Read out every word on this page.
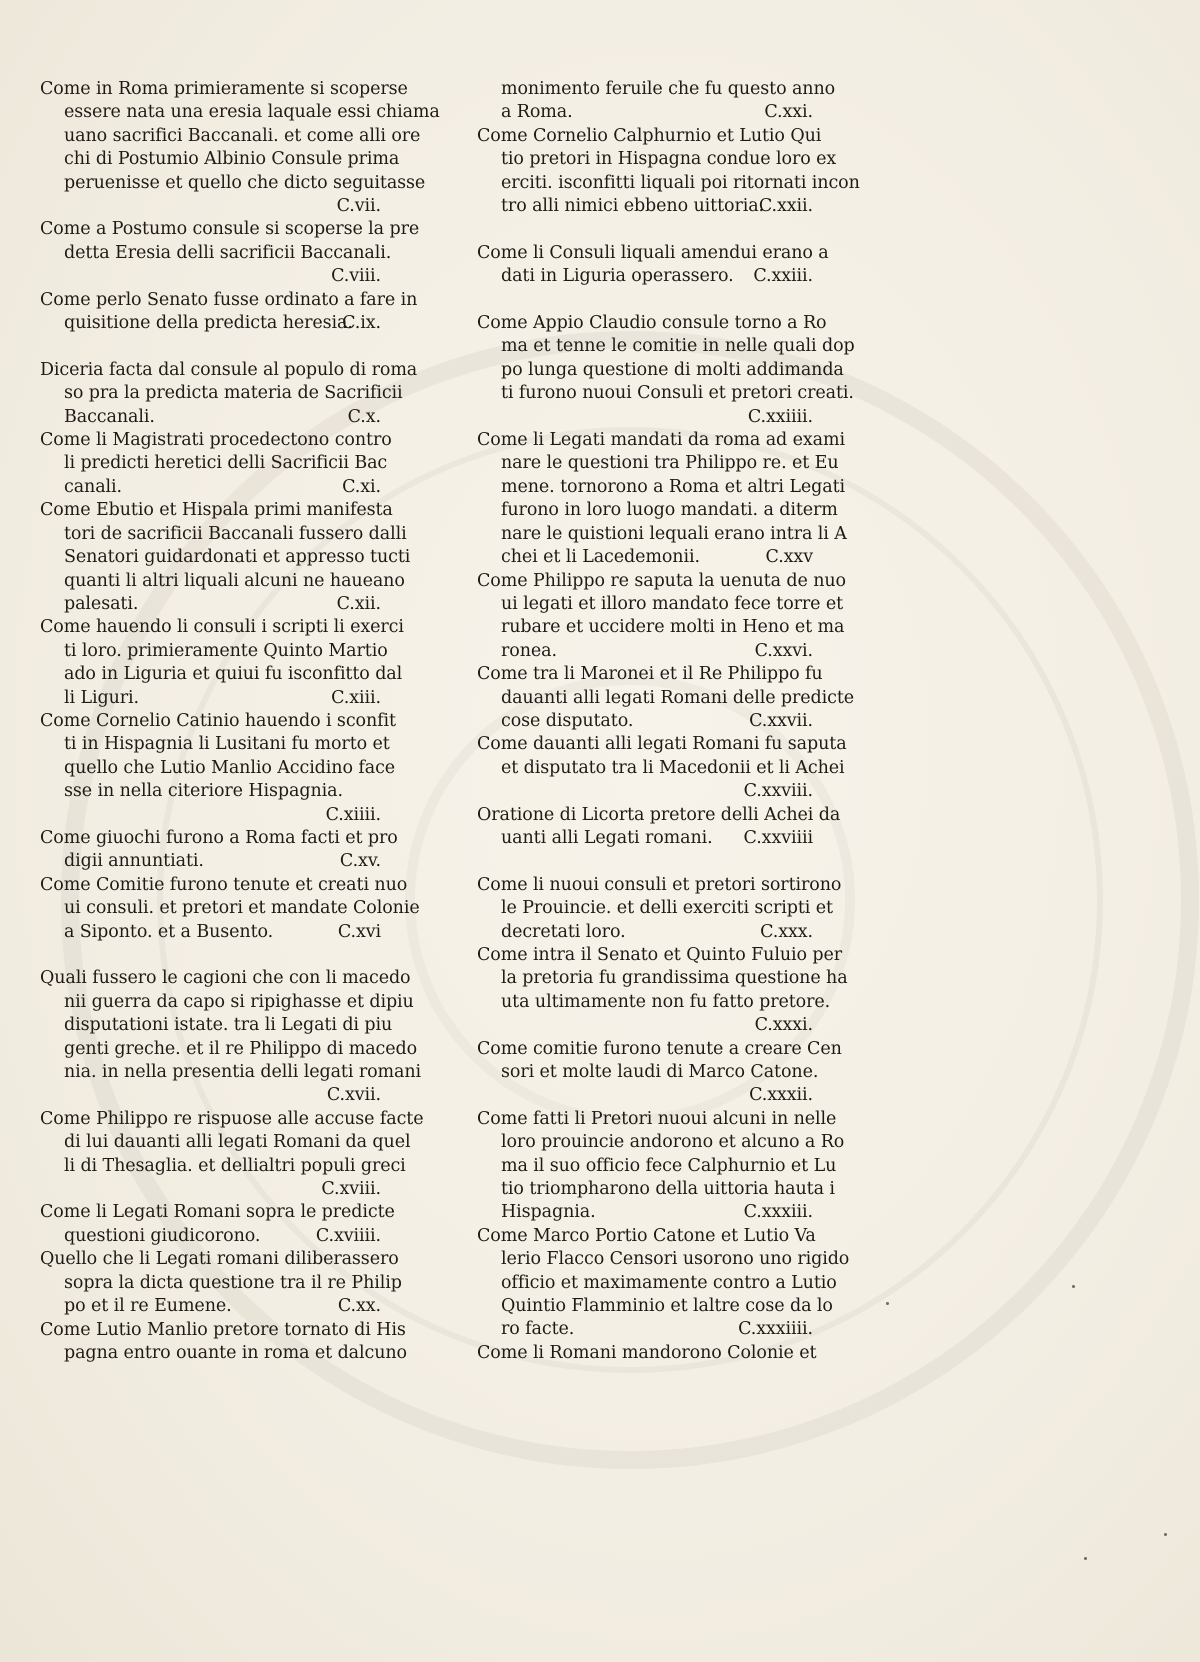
Come in Roma primieramente si scoperse
essere nata una eresia laquale essi chiama
uano sacrifici Baccanali. et come alli ore
chi di Postumio Albinio Consule prima
peruenisse et quello che dicto seguitasse
C.vii.
Come a Postumo consule si scoperse la pre
detta Eresia delli sacrificii Baccanali.
C.viii.
Come perlo Senato fusse ordinato a fare in
C.ix.
quisitione della predicta heresia.
Diceria facta dal consule al populo di roma
so pra la predicta materia de Sacrificii
C.x.
Baccanali.
Come li Magistrati procedectono contro
li predicti heretici delli Sacrificii Bac
C.xi.
canali.
Come Ebutio et Hispala primi manifesta
tori de sacrificii Baccanali fussero dalli
Senatori guidardonati et appresso tucti
quanti li altri liquali alcuni ne haueano
C.xii.
palesati.
Come hauendo li consuli i scripti li exerci
ti loro. primieramente Quinto Martio
ado in Liguria et quiui fu isconfitto dal
C.xiii.
li Liguri.
Come Cornelio Catinio hauendo i sconfit
ti in Hispagnia li Lusitani fu morto et
quello che Lutio Manlio Accidino face
sse in nella citeriore Hispagnia.
C.xiiii.
Come giuochi furono a Roma facti et pro
C.xv.
digii annuntiati.
Come Comitie furono tenute et creati nuo
ui consuli. et pretori et mandate Colonie
C.xvi
a Siponto. et a Busento.
Quali fussero le cagioni che con li macedo
nii guerra da capo si ripighasse et dipiu
disputationi istate. tra li Legati di piu
genti greche. et il re Philippo di macedo
nia. in nella presentia delli legati romani
C.xvii.
Come Philippo re rispuose alle accuse facte
di lui dauanti alli legati Romani da quel
li di Thesaglia. et dellialtri populi greci
C.xviii.
Come li Legati Romani sopra le predicte
C.xviiii.
questioni giudicorono.
Quello che li Legati romani diliberassero
sopra la dicta questione tra il re Philip
C.xx.
po et il re Eumene.
Come Lutio Manlio pretore tornato di His
pagna entro ouante in roma et dalcuno
monimento feruile che fu questo anno
C.xxi.
a Roma.
Come Cornelio Calphurnio et Lutio Qui
tio pretori in Hispagna condue loro ex
erciti. isconfitti liquali poi ritornati incon
C.xxii.
tro alli nimici ebbeno uittoria.
Come li Consuli liquali amendui erano a
C.xxiii.
dati in Liguria operassero.
Come Appio Claudio consule torno a Ro
ma et tenne le comitie in nelle quali dop
po lunga questione di molti addimanda
ti furono nuoui Consuli et pretori creati.
C.xxiiii.
Come li Legati mandati da roma ad exami
nare le questioni tra Philippo re. et Eu
mene. tornorono a Roma et altri Legati
furono in loro luogo mandati. a diterm
nare le quistioni lequali erano intra li A
C.xxv
chei et li Lacedemonii.
Come Philippo re saputa la uenuta de nuo
ui legati et illoro mandato fece torre et
rubare et uccidere molti in Heno et ma
C.xxvi.
ronea.
Come tra li Maronei et il Re Philippo fu
dauanti alli legati Romani delle predicte
C.xxvii.
cose disputato.
Come dauanti alli legati Romani fu saputa
et disputato tra li Macedonii et li Achei
C.xxviii.
Oratione di Licorta pretore delli Achei da
C.xxviiii
uanti alli Legati romani.
Come li nuoui consuli et pretori sortirono
le Prouincie. et delli exerciti scripti et
C.xxx.
decretati loro.
Come intra il Senato et Quinto Fuluio per
la pretoria fu grandissima questione ha
uta ultimamente non fu fatto pretore.
C.xxxi.
Come comitie furono tenute a creare Cen
sori et molte laudi di Marco Catone.
C.xxxii.
Come fatti li Pretori nuoui alcuni in nelle
loro prouincie andorono et alcuno a Ro
ma il suo officio fece Calphurnio et Lu
tio triompharono della uittoria hauta i
C.xxxiii.
Hispagnia.
Come Marco Portio Catone et Lutio Va
lerio Flacco Censori usorono uno rigido
officio et maximamente contro a Lutio
Quintio Flamminio et laltre cose da lo
C.xxxiiii.
ro facte.
Come li Romani mandorono Colonie et
